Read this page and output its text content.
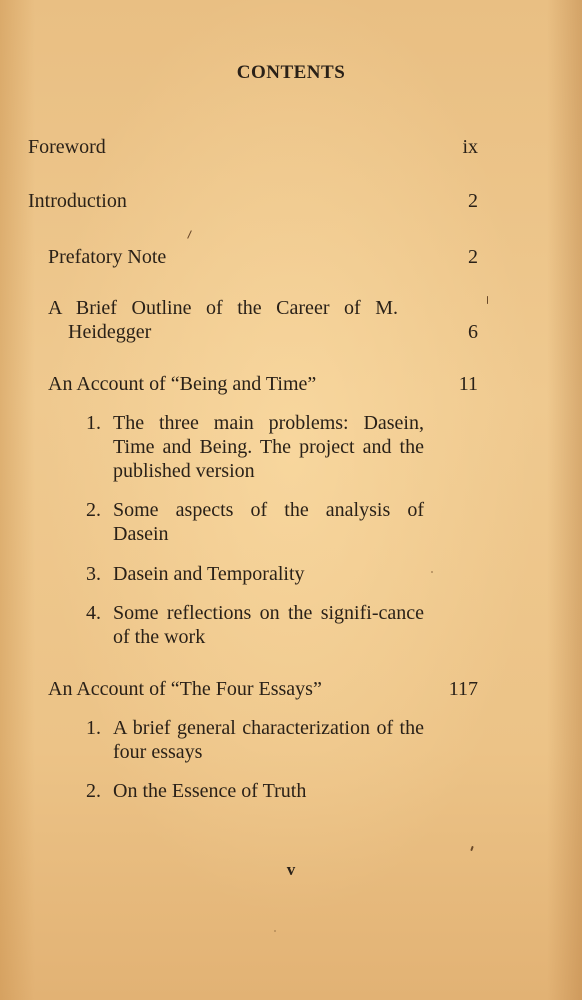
CONTENTS
Foreword	ix
Introduction	2
Prefatory Note	2
A Brief Outline of the Career of M. Heidegger	6
An Account of “Being and Time”	11
1. The three main problems: Dasein, Time and Being. The project and the published version
2. Some aspects of the analysis of Dasein
3. Dasein and Temporality
4. Some reflections on the signifi-cance of the work
An Account of “The Four Essays”	117
1. A brief general characterization of the four essays
2. On the Essence of Truth
v
